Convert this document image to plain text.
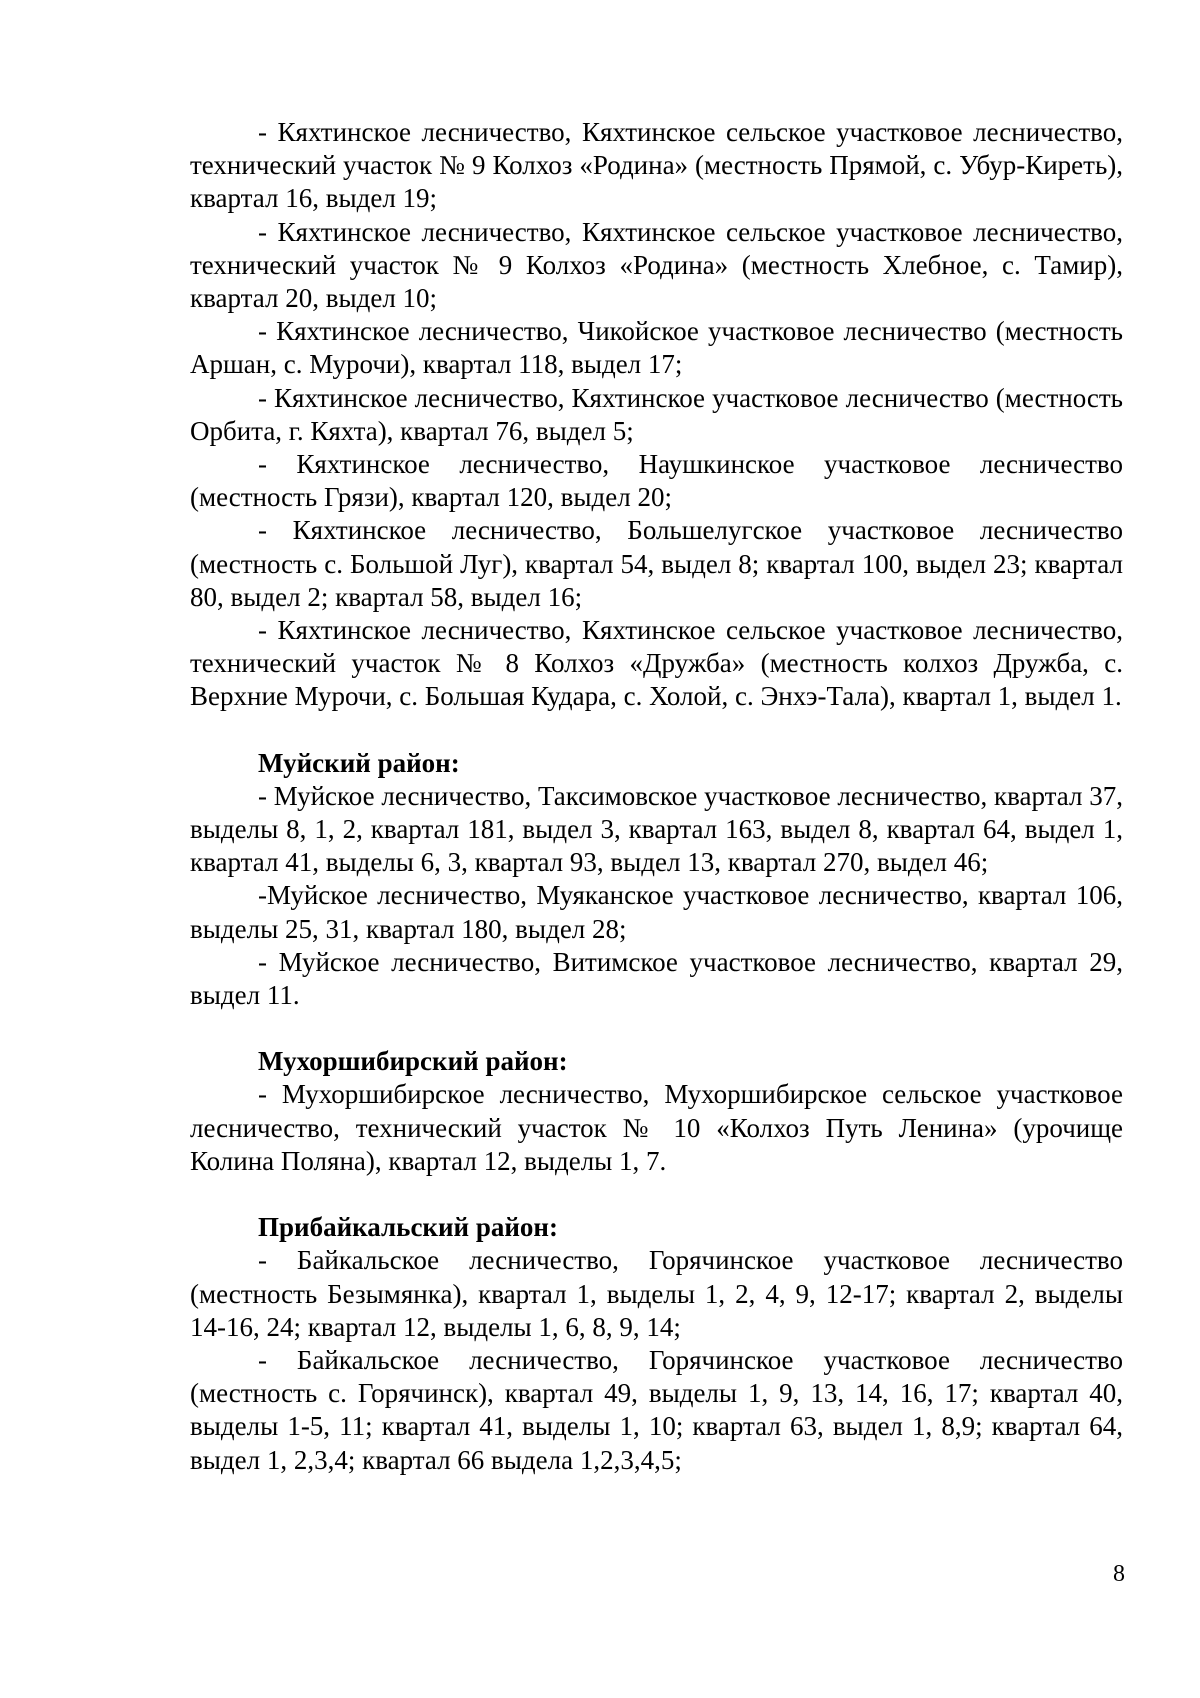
- Кяхтинское лесничество, Кяхтинское сельское участковое лесничество, технический участок № 9 Колхоз «Родина» (местность Прямой, с. Убур-Киреть), квартал 16, выдел 19;

- Кяхтинское лесничество, Кяхтинское сельское участковое лесничество, технический участок № 9 Колхоз «Родина» (местность Хлебное, с. Тамир), квартал 20, выдел 10;

- Кяхтинское лесничество, Чикойское участковое лесничество (местность Аршан, с. Мурочи), квартал 118, выдел 17;

- Кяхтинское лесничество, Кяхтинское участковое лесничество (местность Орбита, г. Кяхта), квартал 76, выдел 5;

- Кяхтинское лесничество, Наушкинское участковое лесничество (местность Грязи), квартал 120, выдел 20;

- Кяхтинское лесничество, Большелугское участковое лесничество (местность с. Большой Луг), квартал 54, выдел 8; квартал 100, выдел 23; квартал 80, выдел 2; квартал 58, выдел 16;

- Кяхтинское лесничество, Кяхтинское сельское участковое лесничество, технический участок № 8 Колхоз «Дружба» (местность колхоз Дружба, с. Верхние Мурочи, с. Большая Кудара, с. Холой, с. Энхэ-Тала), квартал 1, выдел 1.

Муйский район:

- Муйское лесничество, Таксимовское участковое лесничество, квартал 37, выделы 8, 1, 2, квартал 181, выдел 3, квартал 163, выдел 8, квартал 64, выдел 1, квартал 41, выделы 6, 3, квартал 93, выдел 13, квартал 270, выдел 46;

-Муйское лесничество, Муяканское участковое лесничество, квартал 106, выделы 25, 31, квартал 180, выдел 28;

- Муйское лесничество, Витимское участковое лесничество, квартал 29, выдел 11.

Мухоршибирский район:

- Мухоршибирское лесничество, Мухоршибирское сельское участковое лесничество, технический участок № 10 «Колхоз Путь Ленина» (урочище Колина Поляна), квартал 12, выделы 1, 7.

Прибайкальский район:

- Байкальское лесничество, Горячинское участковое лесничество (местность Безымянка), квартал 1, выделы 1, 2, 4, 9, 12-17; квартал 2, выделы 14-16, 24; квартал 12, выделы 1, 6, 8, 9, 14;

- Байкальское лесничество, Горячинское участковое лесничество (местность с. Горячинск), квартал 49, выделы 1, 9, 13, 14, 16, 17; квартал 40, выделы 1-5, 11; квартал 41, выделы 1, 10; квартал 63, выдел 1, 8,9; квартал 64, выдел 1, 2,3,4; квартал 66 выдела 1,2,3,4,5;

8
